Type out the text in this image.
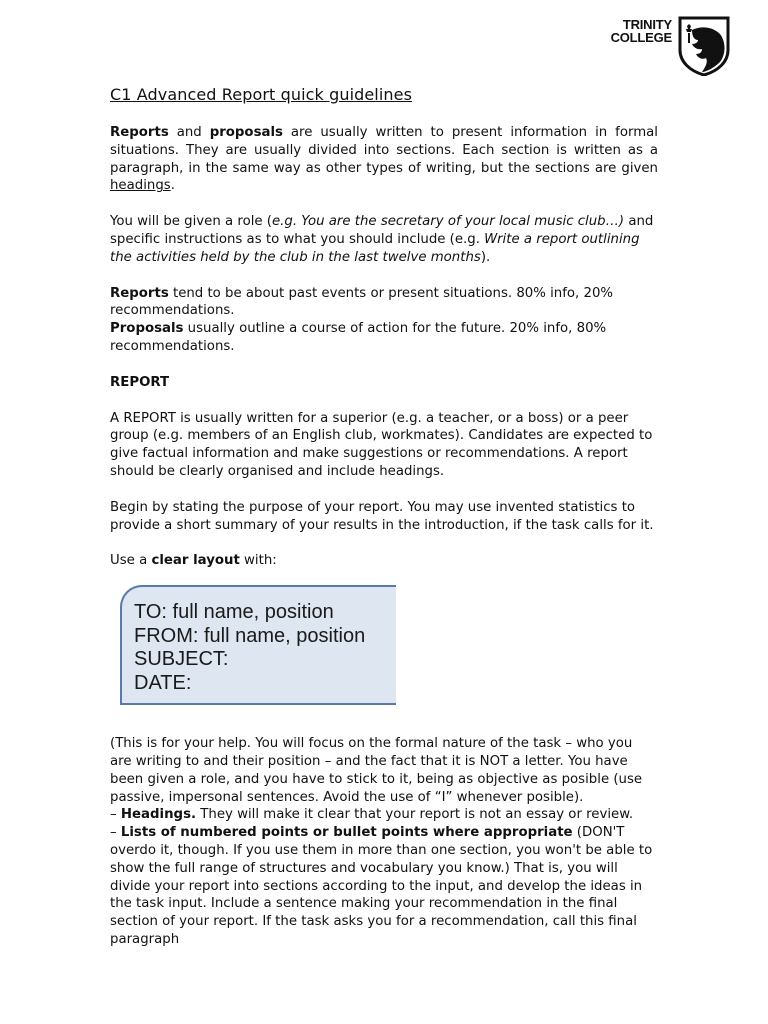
TRINITY
COLLEGE
C1 Advanced Report quick guidelines

Reports and proposals are usually written to present information in formal situations. They are usually divided into sections. Each section is written as a paragraph, in the same way as other types of writing, but the sections are given headings.

You will be given a role (e.g. You are the secretary of your local music club…) and specific instructions as to what you should include (e.g. Write a report outlining the activities held by the club in the last twelve months).

Reports tend to be about past events or present situations. 80% info, 20% recommendations.

Proposals usually outline a course of action for the future. 20% info, 80% recommendations.

REPORT

A REPORT is usually written for a superior (e.g. a teacher, or a boss) or a peer group (e.g. members of an English club, workmates). Candidates are expected to give factual information and make suggestions or recommendations. A report should be clearly organised and include headings.

Begin by stating the purpose of your report. You may use invented statistics to provide a short summary of your results in the introduction, if the task calls for it.

Use a clear layout with:

TO: full name, position
FROM: full name, position
SUBJECT:
DATE:

(This is for your help. You will focus on the formal nature of the task – who you are writing to and their position – and the fact that it is NOT a letter. You have been given a role, and you have to stick to it, being as objective as posible (use passive, impersonal sentences. Avoid the use of “I” whenever posible).

– Headings. They will make it clear that your report is not an essay or review.

– Lists of numbered points or bullet points where appropriate (DON'T overdo it, though. If you use them in more than one section, you won't be able to show the full range of structures and vocabulary you know.) That is, you will divide your report into sections according to the input, and develop the ideas in the task input. Include a sentence making your recommendation in the final section of your report. If the task asks you for a recommendation, call this final paragraph
